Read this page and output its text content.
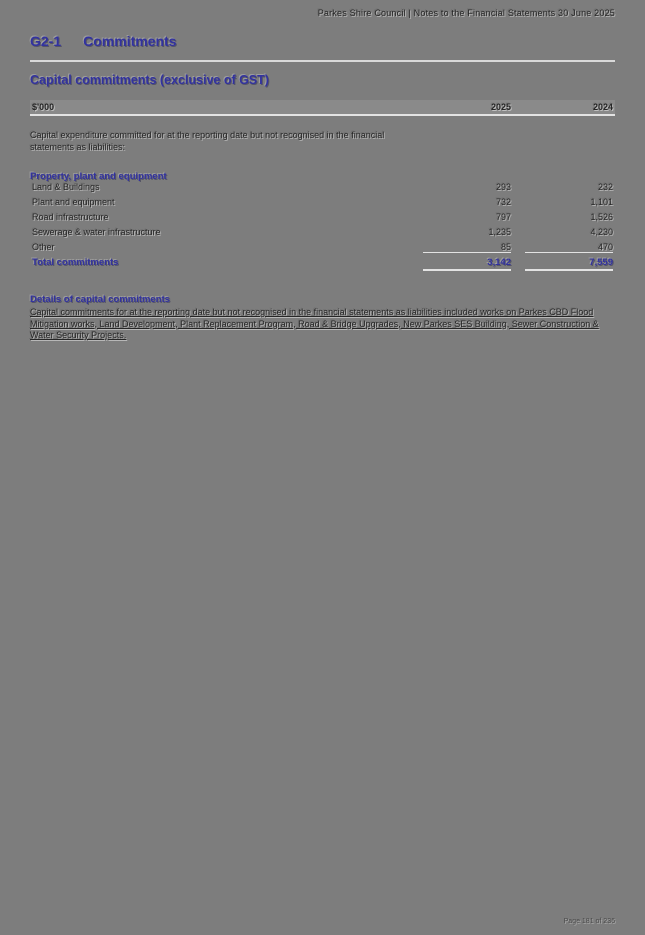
Parkes Shire Council | Notes to the Financial Statements 30 June 2025
G2-1 Commitments
Capital commitments (exclusive of GST)
$'000	2025	2024
Capital expenditure committed for at the reporting date but not recognised in the financial statements as liabilities:
Property, plant and equipment
Land & Buildings	293	232
Plant and equipment	732	1,101
Road infrastructure	797	1,526
Sewerage & water infrastructure	1,235	4,230
Other	85	470
Total commitments	3,142	7,559
Details of capital commitments
Capital commitments for at the reporting date but not recognised in the financial statements as liabilities included works on Parkes CBD Flood Mitigation works, Land Development, Plant Replacement Program, Road & Bridge Upgrades, New Parkes SES Building, Sewer Construction & Water Security Projects.
Page 181 of 236
